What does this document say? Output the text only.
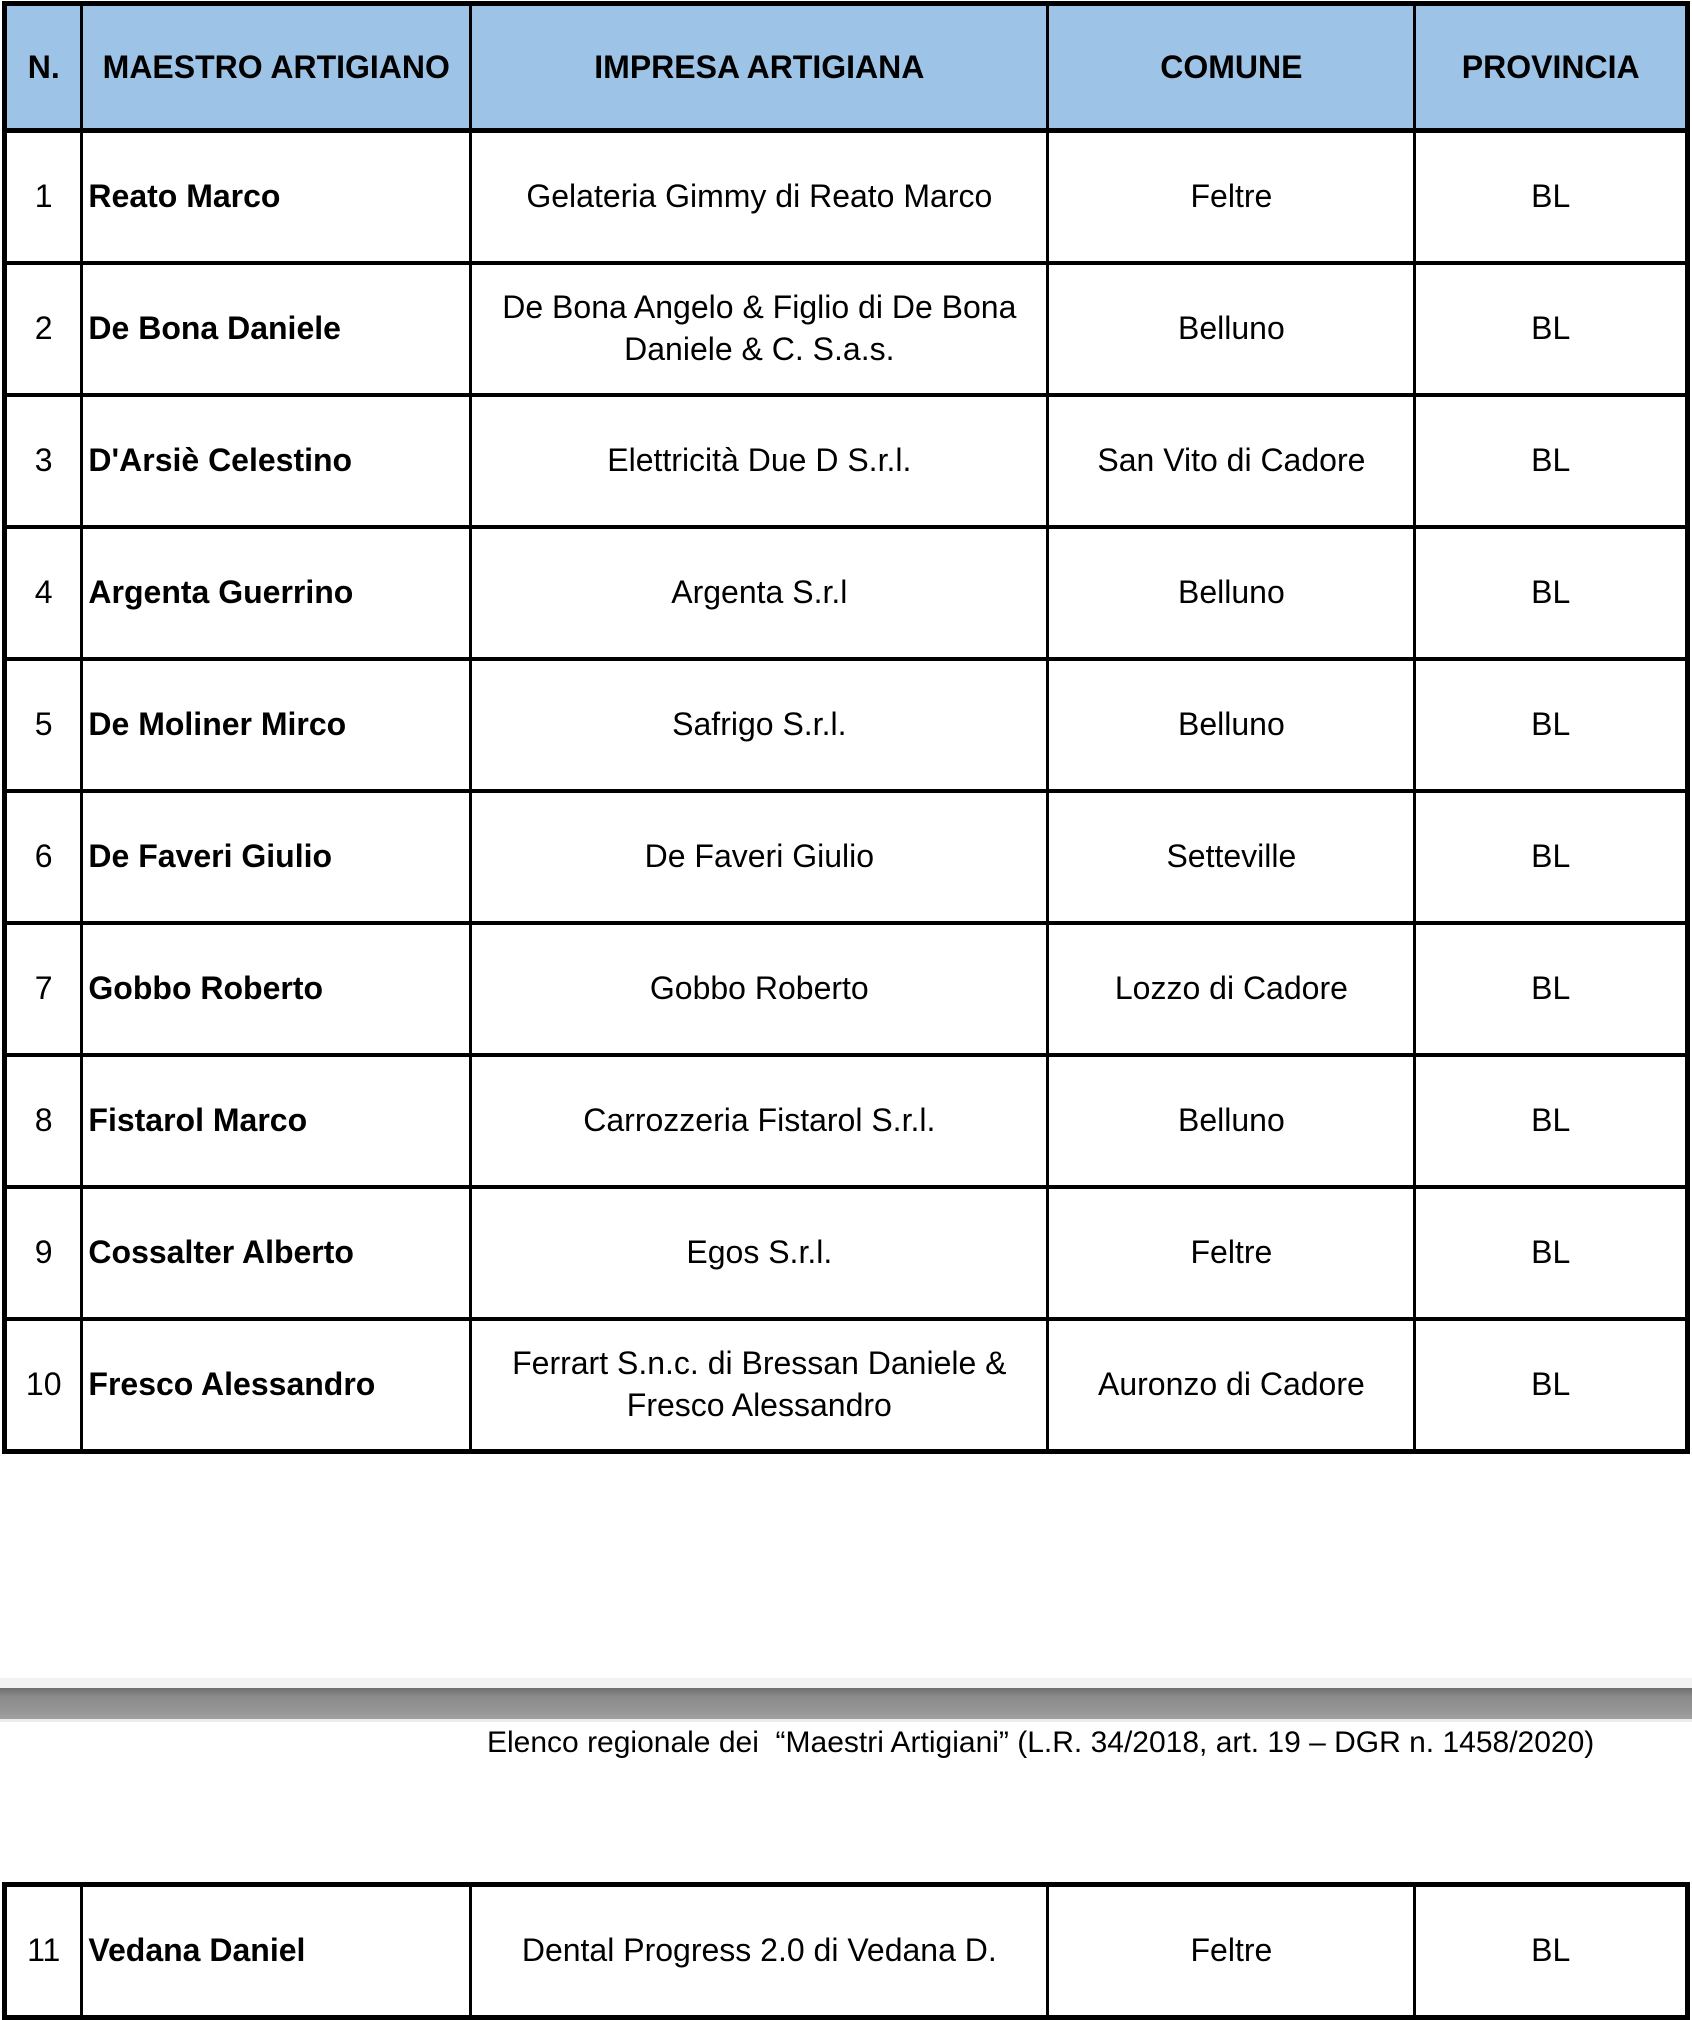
N.	MAESTRO ARTIGIANO	IMPRESA ARTIGIANA	COMUNE	PROVINCIA
1	Reato Marco	Gelateria Gimmy di Reato Marco	Feltre	BL
2	De Bona Daniele	De Bona Angelo & Figlio di De Bona Daniele & C. S.a.s.	Belluno	BL
3	D'Arsiè Celestino	Elettricità Due D S.r.l.	San Vito di Cadore	BL
4	Argenta Guerrino	Argenta S.r.l	Belluno	BL
5	De Moliner Mirco	Safrigo S.r.l.	Belluno	BL
6	De Faveri Giulio	De Faveri Giulio	Setteville	BL
7	Gobbo Roberto	Gobbo Roberto	Lozzo di Cadore	BL
8	Fistarol Marco	Carrozzeria Fistarol S.r.l.	Belluno	BL
9	Cossalter Alberto	Egos S.r.l.	Feltre	BL
10	Fresco Alessandro	Ferrart S.n.c. di Bressan Daniele & Fresco Alessandro	Auronzo di Cadore	BL
Elenco regionale dei  “Maestri Artigiani” (L.R. 34/2018, art. 19 – DGR n. 1458/2020)
11	Vedana Daniel	Dental Progress 2.0 di Vedana D.	Feltre	BL
